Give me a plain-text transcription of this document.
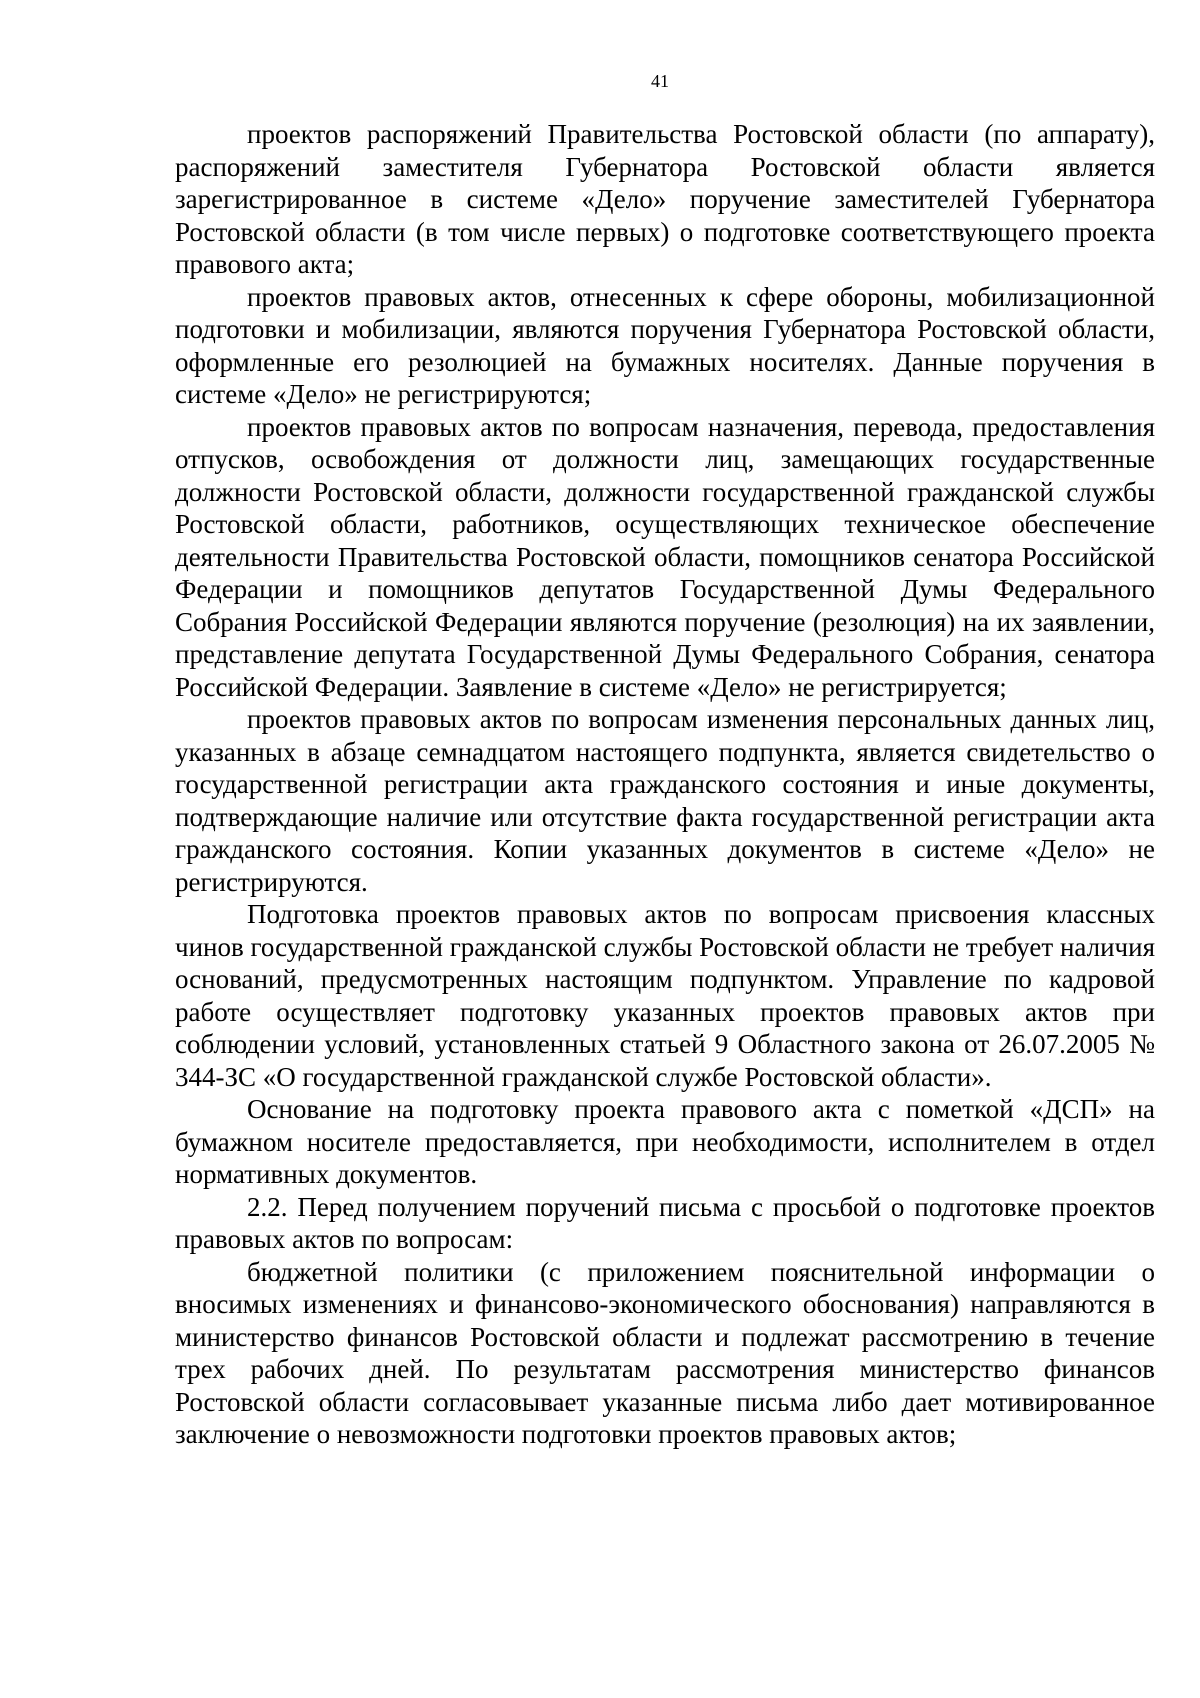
41

проектов распоряжений Правительства Ростовской области (по аппарату), распоряжений заместителя Губернатора Ростовской области является зарегистрированное в системе «Дело» поручение заместителей Губернатора Ростовской области (в том числе первых) о подготовке соответствующего проекта правового акта;

проектов правовых актов, отнесенных к сфере обороны, мобилизационной подготовки и мобилизации, являются поручения Губернатора Ростовской области, оформленные его резолюцией на бумажных носителях. Данные поручения в системе «Дело» не регистрируются;

проектов правовых актов по вопросам назначения, перевода, предоставления отпусков, освобождения от должности лиц, замещающих государственные должности Ростовской области, должности государственной гражданской службы Ростовской области, работников, осуществляющих техническое обеспечение деятельности Правительства Ростовской области, помощников сенатора Российской Федерации и помощников депутатов Государственной Думы Федерального Собрания Российской Федерации являются поручение (резолюция) на их заявлении, представление депутата Государственной Думы Федерального Собрания, сенатора Российской Федерации. Заявление в системе «Дело» не регистрируется;

проектов правовых актов по вопросам изменения персональных данных лиц, указанных в абзаце семнадцатом настоящего подпункта, является свидетельство о государственной регистрации акта гражданского состояния и иные документы, подтверждающие наличие или отсутствие факта государственной регистрации акта гражданского состояния. Копии указанных документов в системе «Дело» не регистрируются.

Подготовка проектов правовых актов по вопросам присвоения классных чинов государственной гражданской службы Ростовской области не требует наличия оснований, предусмотренных настоящим подпунктом. Управление по кадровой работе осуществляет подготовку указанных проектов правовых актов при соблюдении условий, установленных статьей 9 Областного закона от 26.07.2005 № 344-ЗС «О государственной гражданской службе Ростовской области».

Основание на подготовку проекта правового акта с пометкой «ДСП» на бумажном носителе предоставляется, при необходимости, исполнителем в отдел нормативных документов.

2.2. Перед получением поручений письма с просьбой о подготовке проектов правовых актов по вопросам:

бюджетной политики (с приложением пояснительной информации о вносимых изменениях и финансово-экономического обоснования) направляются в министерство финансов Ростовской области и подлежат рассмотрению в течение трех рабочих дней. По результатам рассмотрения министерство финансов Ростовской области согласовывает указанные письма либо дает мотивированное заключение о невозможности подготовки проектов правовых актов;
